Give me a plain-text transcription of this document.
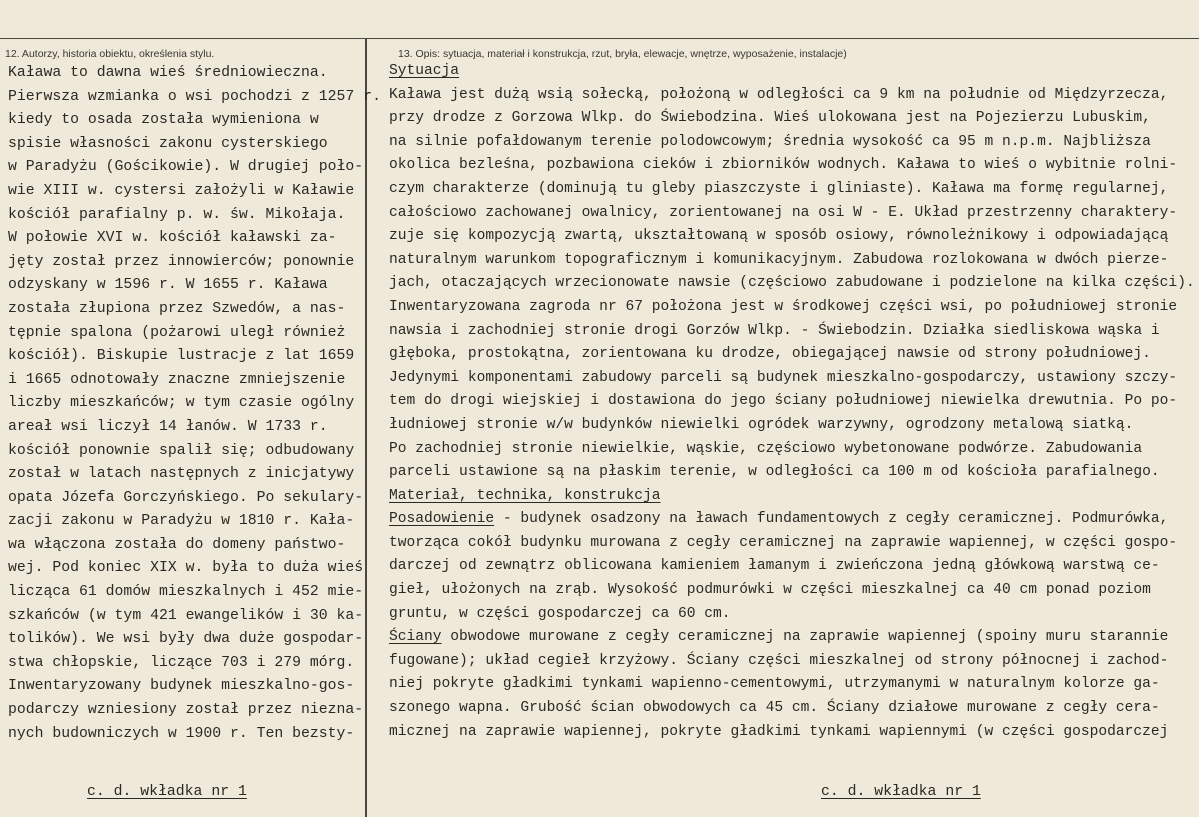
12. Autorzy, historia obiektu, określenia stylu.	13. Opis: sytuacja, materiał i konstrukcja, rzut, bryła, elewacje, wnętrze, wyposażenie, instalacje)
Kaława to dawna wieś średniowieczna.
Pierwsza wzmianka o wsi pochodzi z 1257 r.
kiedy to osada została wymieniona w
spisie własności zakonu cysterskiego
w Paradyżu (Gościkowie). W drugiej poło-
wie XIII w. cystersi założyli w Kaławie
kościół parafialny p. w. św. Mikołaja.
W połowie XVI w. kościół kaławski za-
jęty został przez innowierców; ponownie
odzyskany w 1596 r. W 1655 r. Kaława
została złupiona przez Szwedów, a nas-
tępnie spalona (pożarowi uległ również
kościół). Biskupie lustracje z lat 1659
i 1665 odnotowały znaczne zmniejszenie
liczby mieszkańców; w tym czasie ogólny
areał wsi liczył 14 łanów. W 1733 r.
kościół ponownie spalił się; odbudowany
został w latach następnych z inicjatywy
opata Józefa Gorczyńskiego. Po sekulary-
zacji zakonu w Paradyżu w 1810 r. Kała-
wa włączona została do domeny państwo-
wej. Pod koniec XIX w. była to duża wieś
licząca 61 domów mieszkalnych i 452 mie-
szkańców (w tym 421 ewangelików i 30 ka-
tolików). We wsi były dwa duże gospodar-
stwa chłopskie, liczące 703 i 279 mórg.
Inwentaryzowany budynek mieszkalno-gos-
podarczy wzniesiony został przez niezna-
nych budowniczych w 1900 r. Ten bezsty-
Sytuacja
Kaława jest dużą wsią sołecką, położoną w odległości ca 9 km na południe od Międzyrzecza,
przy drodze z Gorzowa Wlkp. do Świebodzina. Wieś ulokowana jest na Pojezierzu Lubuskim,
na silnie pofałdowanym terenie polodowcowym; średnia wysokość ca 95 m n.p.m. Najbliższa
okolica bezleśna, pozbawiona cieków i zbiorników wodnych. Kaława to wieś o wybitnie rolni-
czym charakterze (dominują tu gleby piaszczyste i gliniaste). Kaława ma formę regularnej,
całościowo zachowanej owalnicy, zorientowanej na osi W - E. Układ przestrzenny charaktery-
zuje się kompozycją zwartą, ukształtowaną w sposób osiowy, równoleżnikowy i odpowiadającą
naturalnym warunkom topograficznym i komunikacyjnym. Zabudowa rozlokowana w dwóch pierze-
jach, otaczających wrzecionowate nawsie (częściowo zabudowane i podzielone na kilka części).
Inwentaryzowana zagroda nr 67 położona jest w środkowej części wsi, po południowej stronie
nawsia i zachodniej stronie drogi Gorzów Wlkp. - Świebodzin. Działka siedliskowa wąska i
głęboka, prostokątna, zorientowana ku drodze, obiegającej nawsie od strony południowej.
Jedynymi komponentami zabudowy parceli są budynek mieszkalno-gospodarczy, ustawiony szczy-
tem do drogi wiejskiej i dostawiona do jego ściany południowej niewielka drewutnia. Po po-
łudniowej stronie w/w budynków niewielki ogródek warzywny, ogrodzony metalową siatką.
Po zachodniej stronie niewielkie, wąskie, częściowo wybetonowane podwórze. Zabudowania
parceli ustawione są na płaskim terenie, w odległości ca 100 m od kościoła parafialnego.
Materiał, technika, konstrukcja
Posadowienie - budynek osadzony na ławach fundamentowych z cegły ceramicznej. Podmurówka,
tworząca cokół budynku murowana z cegły ceramicznej na zaprawie wapiennej, w części gospo-
darczej od zewnątrz oblicowana kamieniem łamanym i zwieńczona jedną główkową warstwą ce-
gieł, ułożonych na zrąb. Wysokość podmurówki w części mieszkalnej ca 40 cm ponad poziom
gruntu, w części gospodarczej ca 60 cm.
Ściany obwodowe murowane z cegły ceramicznej na zaprawie wapiennej (spoiny muru starannie
fugowane); układ cegieł krzyżowy. Ściany części mieszkalnej od strony północnej i zachod-
niej pokryte gładkimi tynkami wapienno-cementowymi, utrzymanymi w naturalnym kolorze ga-
szonego wapna. Grubość ścian obwodowych ca 45 cm. Ściany działowe murowane z cegły cera-
micznej na zaprawie wapiennej, pokryte gładkimi tynkami wapiennymi (w części gospodarczej
c. d. wkładka nr 1	c. d. wkładka nr 1
